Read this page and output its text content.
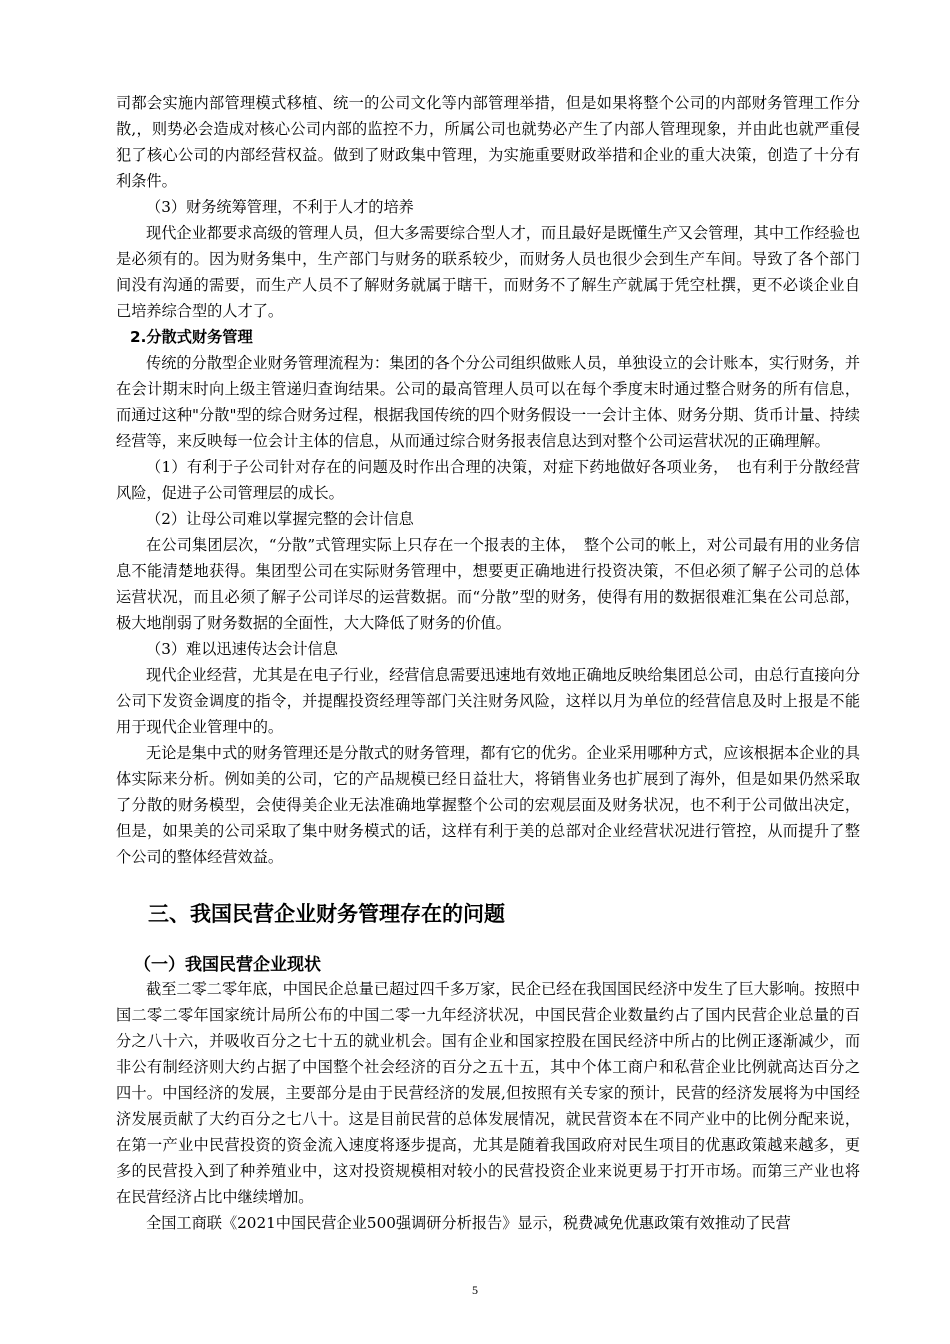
司都会实施内部管理模式移植、统一的公司文化等内部管理举措，但是如果将整个公司的内部财务管理工作分散,，则势必会造成对核心公司内部的监控不力，所属公司也就势必产生了内部人管理现象，并由此也就严重侵犯了核心公司的内部经营权益。做到了财政集中管理，为实施重要财政举措和企业的重大决策，创造了十分有利条件。

（3）财务统筹管理，不利于人才的培养

现代企业都要求高级的管理人员，但大多需要综合型人才，而且最好是既懂生产又会管理，其中工作经验也是必须有的。因为财务集中，生产部门与财务的联系较少，而财务人员也很少会到生产车间。导致了各个部门间没有沟通的需要，而生产人员不了解财务就属于瞎干，而财务不了解生产就属于凭空杜撰，更不必谈企业自己培养综合型的人才了。

2.分散式财务管理

传统的分散型企业财务管理流程为：集团的各个分公司组织做账人员，单独设立的会计账本，实行财务，并在会计期末时向上级主管递归查询结果。公司的最高管理人员可以在每个季度末时通过整合财务的所有信息，而通过这种"分散"型的综合财务过程，根据我国传统的四个财务假设一一会计主体、财务分期、货币计量、持续经营等，来反映每一位会计主体的信息，从而通过综合财务报表信息达到对整个公司运营状况的正确理解。

（1）有利于子公司针对存在的问题及时作出合理的决策，对症下药地做好各项业务，　也有利于分散经营风险，促进子公司管理层的成长。

（2）让母公司难以掌握完整的会计信息

在公司集团层次，“分散”式管理实际上只存在一个报表的主体，　整个公司的帐上，对公司最有用的业务信息不能清楚地获得。集团型公司在实际财务管理中，想要更正确地进行投资决策，不但必须了解子公司的总体运营状况，而且必须了解子公司详尽的运营数据。而“分散”型的财务，使得有用的数据很难汇集在公司总部，极大地削弱了财务数据的全面性，大大降低了财务的价值。

（3）难以迅速传达会计信息

现代企业经营，尤其是在电子行业，经营信息需要迅速地有效地正确地反映给集团总公司，由总行直接向分公司下发资金调度的指令，并提醒投资经理等部门关注财务风险，这样以月为单位的经营信息及时上报是不能用于现代企业管理中的。

无论是集中式的财务管理还是分散式的财务管理，都有它的优劣。企业采用哪种方式，应该根据本企业的具体实际来分析。例如美的公司，它的产品规模已经日益壮大，将销售业务也扩展到了海外，但是如果仍然采取了分散的财务模型，会使得美企业无法准确地掌握整个公司的宏观层面及财务状况，也不利于公司做出决定，但是，如果美的公司采取了集中财务模式的话，这样有利于美的总部对企业经营状况进行管控，从而提升了整个公司的整体经营效益。

三、我国民营企业财务管理存在的问题
（一）我国民营企业现状

截至二零二零年底，中国民企总量已超过四千多万家，民企已经在我国国民经济中发生了巨大影响。按照中国二零二零年国家统计局所公布的中国二零一九年经济状况，中国民营企业数量约占了国内民营企业总量的百分之八十六，并吸收百分之七十五的就业机会。国有企业和国家控股在国民经济中所占的比例正逐渐减少，而非公有制经济则大约占据了中国整个社会经济的百分之五十五，其中个体工商户和私营企业比例就高达百分之四十。中国经济的发展，主要部分是由于民营经济的发展,但按照有关专家的预计，民营的经济发展将为中国经济发展贡献了大约百分之七八十。这是目前民营的总体发展情况，就民营资本在不同产业中的比例分配来说，在第一产业中民营投资的资金流入速度将逐步提高，尤其是随着我国政府对民生项目的优惠政策越来越多，更多的民营投入到了种养殖业中，这对投资规模相对较小的民营投资企业来说更易于打开市场。而第三产业也将在民营经济占比中继续增加。

全国工商联《2021中国民营企业500强调研分析报告》显示，税费减免优惠政策有效推动了民营

5
